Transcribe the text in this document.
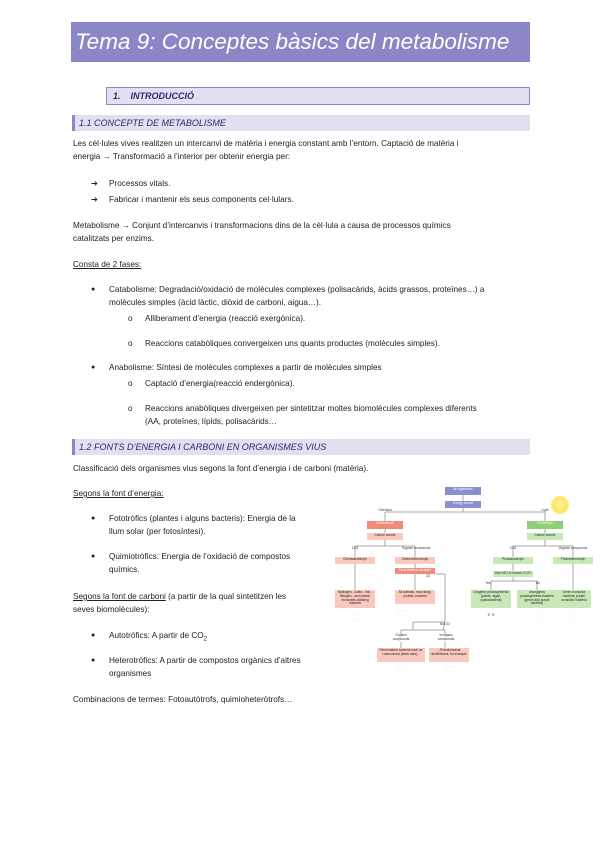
Tema 9: Conceptes bàsics del metabolisme
1. INTRODUCCIÓ
1.1 CONCEPTE DE METABOLISME
Les cèl·lules vives realitzen un intercanvi de matèria i energia constant amb l’entorn. Captació de matèria i
energia → Transformació a l’interior per obtenir energia per:
➔ Processos vitals.
➔ Fabricar i mantenir els seus components cel·lulars.
Metabolisme → Conjunt d’intercanvis i transformacions dins de la cèl·lula a causa de processos químics
catalitzats per enzims.
Consta de 2 fases:
● Catabolisme: Degradació/oxidació de molècules complexes (polisacàrids, àcids grassos, proteïnes…) a
molècules simples (àcid làctic, diòxid de carboni, aigua…).
o Alliberament d’energia (reacció exergònica).
o Reaccions catabòliques convergeixen uns quants productes (molècules simples).
● Anabolisme: Síntesi de molècules complexes a partir de molècules simples
o Captació d’energia(reacció endergònica).
o Reaccions anabòliques divergeixen per sintetitzar moltes biomolècules complexes diferents
(AA, proteïnes, lípids, polisacàrids…
1.2 FONTS D’ENERGIA I CARBONI EN ORGANISMES VIUS
Classificació dels organismes vius segons la font d’energia i de carboni (matèria).
Segons la font d’energia:
● Fototròfics (plantes i alguns bacteris): Energia de la
llum solar (per fotosíntesi).
● Quimiotròfics: Energia de l’oxidació de compostos
químics.
Segons la font de carboni (a partir de la qual sintetitzen les
seves biomolècules):
● Autotròfics: A partir de $CO_2$
● Heterotròfics: A partir de compostos orgànics d’altres
organismes
Combinacions de termes: Fotoautòtrofs, quimioheteròtrofs…
All organisms
Energy source
Chemical	Light
Chemotroph	Phototroph
Carbon source	Carbon source
CO2	Organic compounds	CO2	Organic compounds
Chemoautotroph	Chemoheterotroph	Photoautotroph	Photoheterotroph
Final electron acceptor
Has H2O to reduce CO2?
Yes	No
O2
Hydrogen-, sulfur-, iron-, nitrogen-, and carbon monoxide-oxidizing bacteria
All animals, most fungi, protists, bacteria
Oxygenic photosynthesis (plants, algae, cyanobacteria)
Anoxygenic photosynthesis bacteria (green and purple bacteria)
Green nonsulfur bacteria, purple nonsulfur bacteria
· ˙ ∙ · ˙
∙ · ˙ ∙
˙ ∙ · ˙ ∙
· ˙ ∙ ·	❦ ❦	· ∙ ˙ ·
˙ ∙ ·
∙ · ˙
· ∙ ˙
Not O2
Organic compounds
Inorganic compounds
Fermentative bacteria such as Lactococcus (lactic acid)...
...Pseudomonas denitrificans, for example
˙ · ∙ ˙
· ∙ ˙
· ˙ ∙ ·
∙ ˙ ·
